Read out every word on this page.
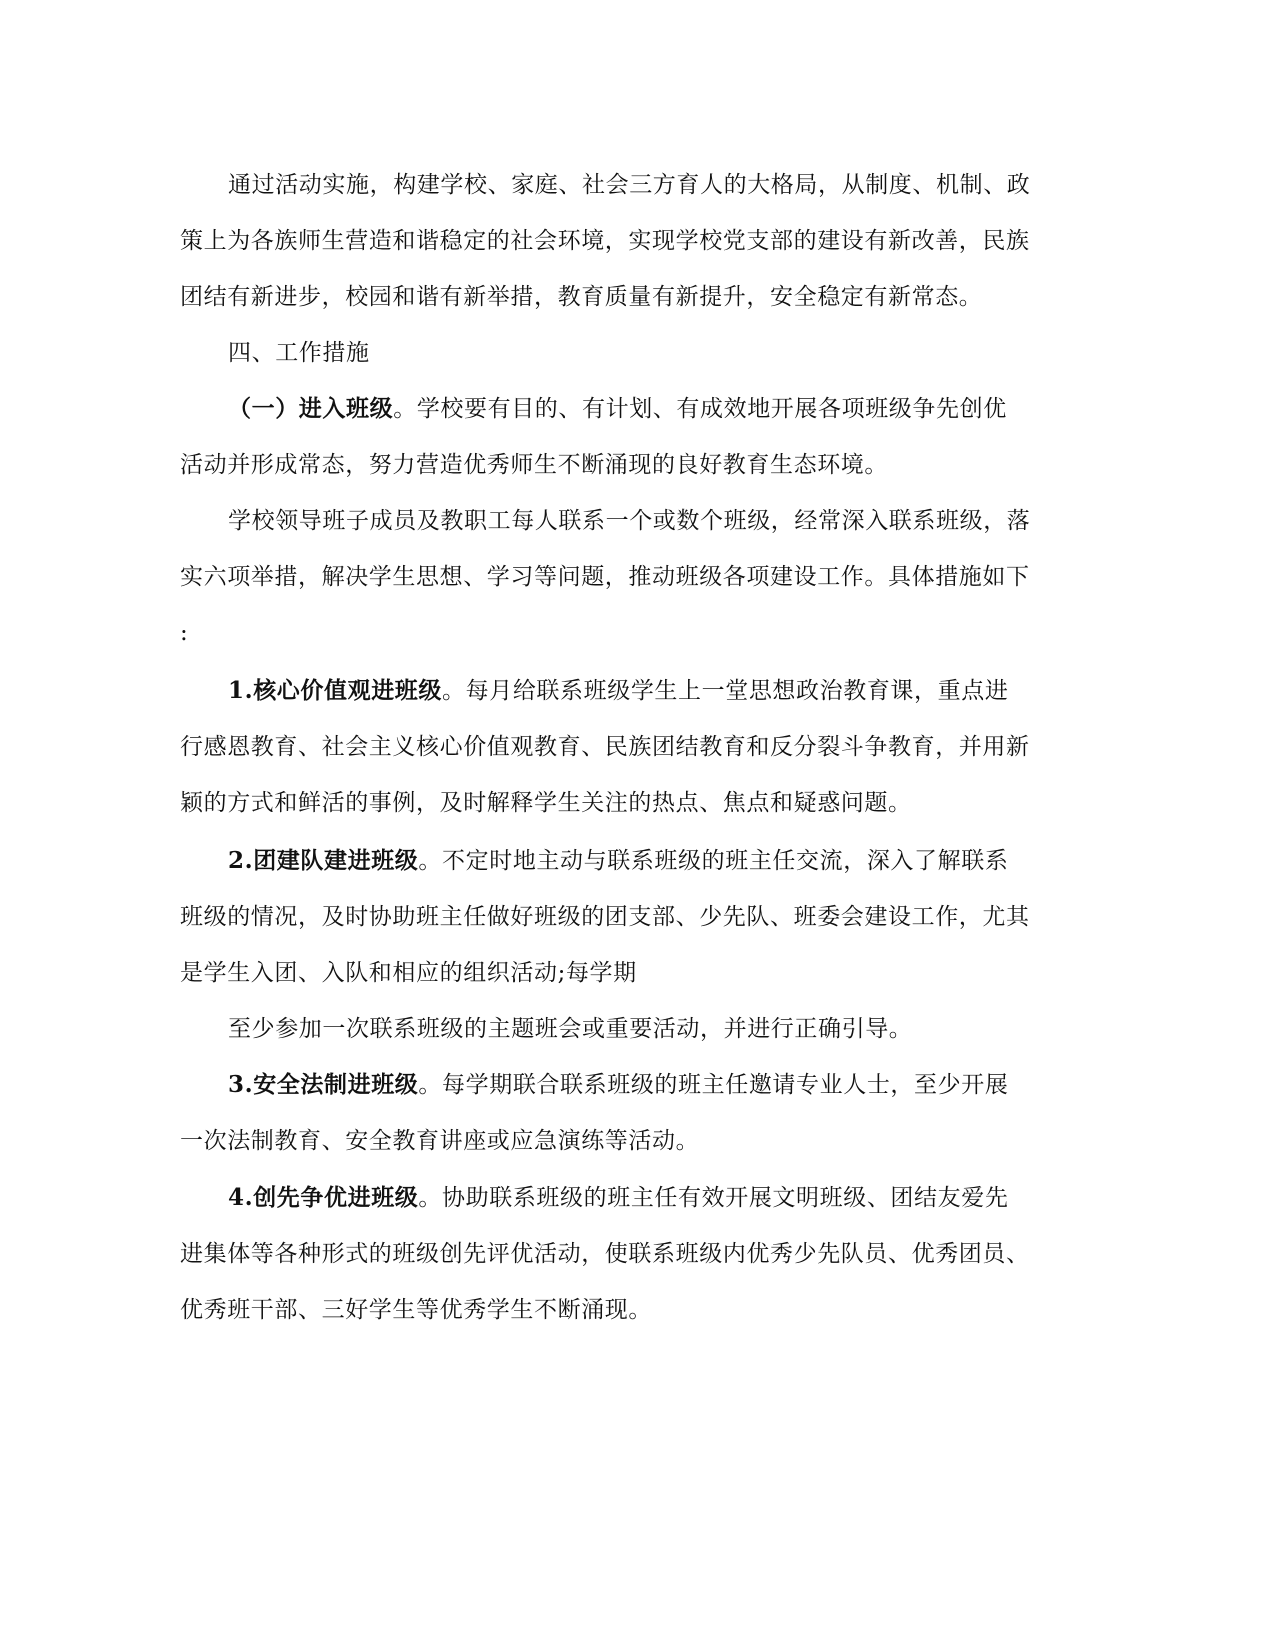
通过活动实施，构建学校、家庭、社会三方育人的大格局，从制度、机制、政
策上为各族师生营造和谐稳定的社会环境，实现学校党支部的建设有新改善，民族
团结有新进步，校园和谐有新举措，教育质量有新提升，安全稳定有新常态。
四、工作措施
（一）进入班级。学校要有目的、有计划、有成效地开展各项班级争先创优
活动并形成常态，努力营造优秀师生不断涌现的良好教育生态环境。
学校领导班子成员及教职工每人联系一个或数个班级，经常深入联系班级，落
实六项举措，解决学生思想、学习等问题，推动班级各项建设工作。具体措施如下
:
1.核心价值观进班级。每月给联系班级学生上一堂思想政治教育课，重点进
行感恩教育、社会主义核心价值观教育、民族团结教育和反分裂斗争教育，并用新
颖的方式和鲜活的事例，及时解释学生关注的热点、焦点和疑惑问题。
2.团建队建进班级。不定时地主动与联系班级的班主任交流，深入了解联系
班级的情况，及时协助班主任做好班级的团支部、少先队、班委会建设工作，尤其
是学生入团、入队和相应的组织活动;每学期
至少参加一次联系班级的主题班会或重要活动，并进行正确引导。
3.安全法制进班级。每学期联合联系班级的班主任邀请专业人士，至少开展
一次法制教育、安全教育讲座或应急演练等活动。
4.创先争优进班级。协助联系班级的班主任有效开展文明班级、团结友爱先
进集体等各种形式的班级创先评优活动，使联系班级内优秀少先队员、优秀团员、
优秀班干部、三好学生等优秀学生不断涌现。
